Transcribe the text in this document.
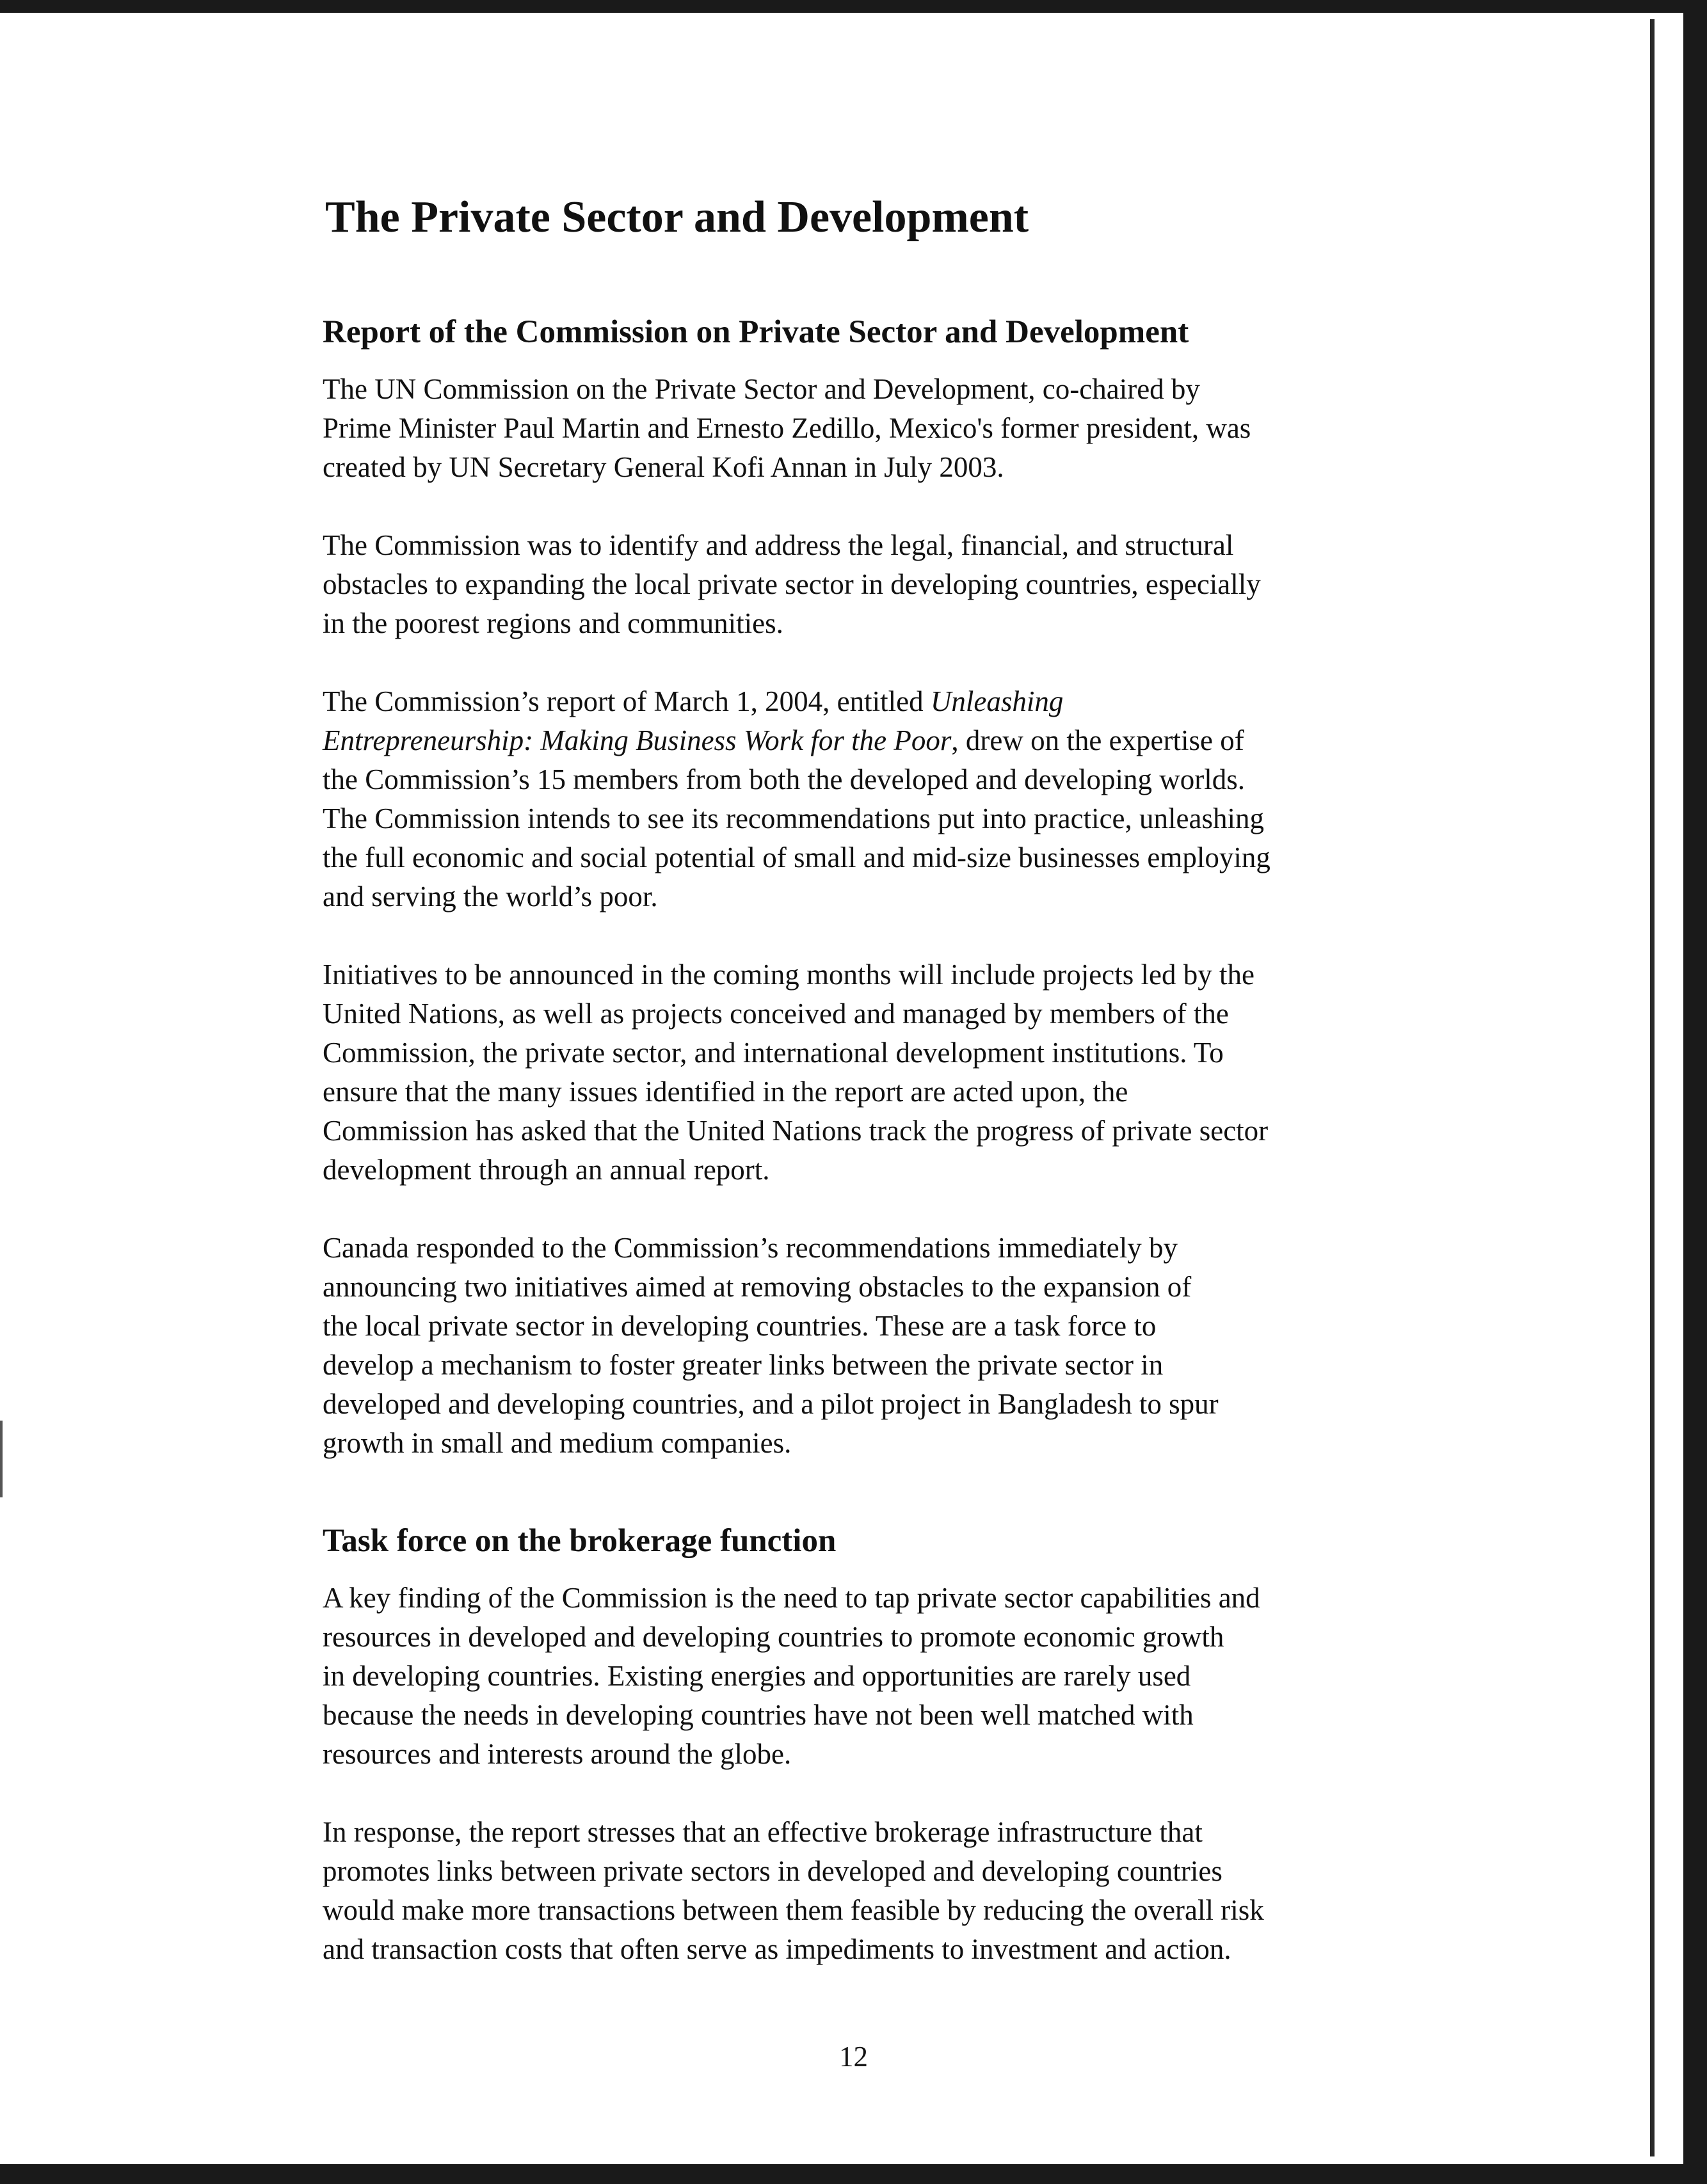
The Private Sector and Development
Report of the Commission on Private Sector and Development

The UN Commission on the Private Sector and Development, co-chaired by
Prime Minister Paul Martin and Ernesto Zedillo, Mexico's former president, was
created by UN Secretary General Kofi Annan in July 2003.

The Commission was to identify and address the legal, financial, and structural
obstacles to expanding the local private sector in developing countries, especially
in the poorest regions and communities.

The Commission’s report of March 1, 2004, entitled Unleashing
Entrepreneurship: Making Business Work for the Poor, drew on the expertise of
the Commission’s 15 members from both the developed and developing worlds.
The Commission intends to see its recommendations put into practice, unleashing
the full economic and social potential of small and mid-size businesses employing
and serving the world’s poor.

Initiatives to be announced in the coming months will include projects led by the
United Nations, as well as projects conceived and managed by members of the
Commission, the private sector, and international development institutions. To
ensure that the many issues identified in the report are acted upon, the
Commission has asked that the United Nations track the progress of private sector
development through an annual report.

Canada responded to the Commission’s recommendations immediately by
announcing two initiatives aimed at removing obstacles to the expansion of
the local private sector in developing countries. These are a task force to
develop a mechanism to foster greater links between the private sector in
developed and developing countries, and a pilot project in Bangladesh to spur
growth in small and medium companies.

Task force on the brokerage function

A key finding of the Commission is the need to tap private sector capabilities and
resources in developed and developing countries to promote economic growth
in developing countries. Existing energies and opportunities are rarely used
because the needs in developing countries have not been well matched with
resources and interests around the globe.

In response, the report stresses that an effective brokerage infrastructure that
promotes links between private sectors in developed and developing countries
would make more transactions between them feasible by reducing the overall risk
and transaction costs that often serve as impediments to investment and action.

12
